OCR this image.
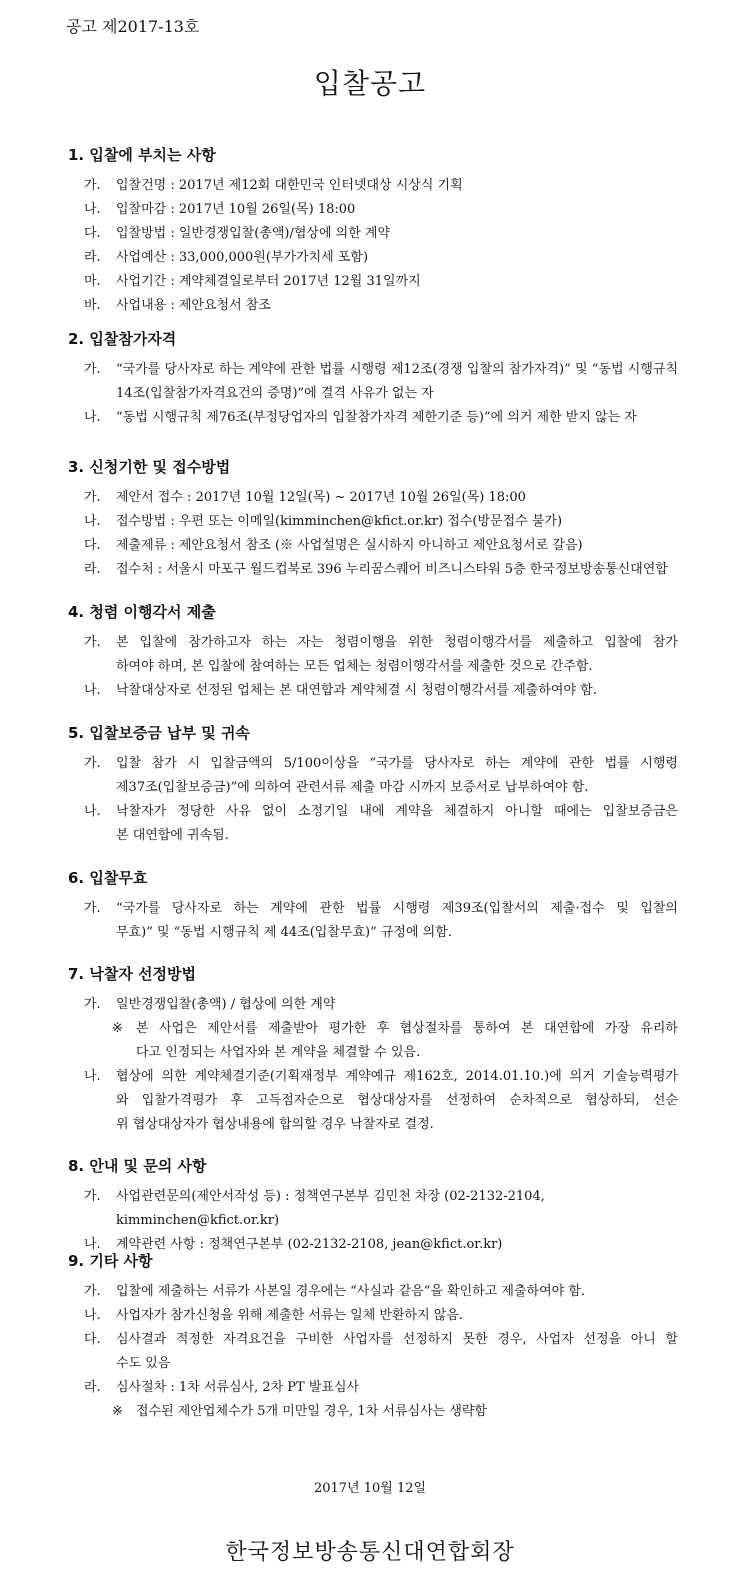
공고 제2017-13호
입찰공고
1. 입찰에 부치는 사항
가. 입찰건명 : 2017년 제12회 대한민국 인터넷대상 시상식 기획
나. 입찰마감 : 2017년 10월 26일(목) 18:00
다. 입찰방법 : 일반경쟁입찰(총액)/협상에 의한 계약
라. 사업예산 : 33,000,000원(부가가치세 포함)
마. 사업기간 : 계약체결일로부터 2017년 12월 31일까지
바. 사업내용 : 제안요청서 참조
2. 입찰참가자격
가. “국가를 당사자로 하는 계약에 관한 법률 시행령 제12조(경쟁 입찰의 참가자격)” 및 “동법 시행규칙
14조(입찰참가자격요건의 증명)”에 결격 사유가 없는 자
나. “동법 시행규칙 제76조(부정당업자의 입찰참가자격 제한기준 등)”에 의거 제한 받지 않는 자
3. 신청기한 및 접수방법
가. 제안서 접수 : 2017년 10월 12일(목) ~ 2017년 10월 26일(목) 18:00
나. 접수방법 : 우편 또는 이메일(kimminchen@kfict.or.kr) 접수(방문접수 불가)
다. 제출제류 : 제안요청서 참조 (※ 사업설명은 실시하지 아니하고 제안요청서로 갈음)
라. 접수처 : 서울시 마포구 월드컵북로 396 누리꿈스퀘어 비즈니스타워 5층 한국정보방송통신대연합
4. 청렴 이행각서 제출
가. 본 입찰에 참가하고자 하는 자는 청렴이행을 위한 청렴이행각서를 제출하고 입찰에 참가
하여야 하며, 본 입찰에 참여하는 모든 업체는 청렴이행각서를 제출한 것으로 간주함.
나. 낙찰대상자로 선정된 업체는 본 대연합과 계약체결 시 청렴이행각서를 제출하여야 함.
5. 입찰보증금 납부 및 귀속
가. 입찰 참가 시 입찰금액의 5/100이상을 “국가를 당사자로 하는 계약에 관한 법률 시행령
제37조(입찰보증금)”에 의하여 관련서류 제출 마감 시까지 보증서로 납부하여야 함.
나. 낙찰자가 정당한 사유 없이 소정기일 내에 계약을 체결하지 아니할 때에는 입찰보증금은
본 대연합에 귀속됨.
6. 입찰무효
가. “국가를 당사자로 하는 계약에 관한 법률 시행령 제39조(입찰서의 제출·접수 및 입찰의
무효)” 및 “동법 시행규칙 제 44조(입찰무효)” 규정에 의함.
7. 낙찰자 선정방법
가. 일반경쟁입찰(총액) / 협상에 의한 계약
※ 본 사업은 제안서를 제출받아 평가한 후 협상절차를 통하여 본 대연합에 가장 유리하
다고 인정되는 사업자와 본 계약을 체결할 수 있음.
나. 협상에 의한 계약체결기준(기획재정부 계약예규 제162호, 2014.01.10.)에 의거 기술능력평가
와 입찰가격평가 후 고득점자순으로 협상대상자를 선정하여 순차적으로 협상하되, 선순
위 협상대상자가 협상내용에 합의할 경우 낙찰자로 결정.
8. 안내 및 문의 사항
가. 사업관련문의(제안서작성 등) : 정책연구본부 김민천 차장 (02-2132-2104, kimminchen@kfict.or.kr)
나. 계약관련 사항 : 정책연구본부 (02-2132-2108, jean@kfict.or.kr)
9. 기타 사항
가. 입찰에 제출하는 서류가 사본일 경우에는 “사실과 같음”을 확인하고 제출하여야 함.
나. 사업자가 참가신청을 위해 제출한 서류는 일체 반환하지 않음.
다. 심사결과 적정한 자격요건을 구비한 사업자를 선정하지 못한 경우, 사업자 선정을 아니 할
수도 있음
라. 심사절차 : 1차 서류심사, 2차 PT 발표심사
※ 접수된 제안업체수가 5개 미만일 경우, 1차 서류심사는 생략함
2017년 10월 12일
한국정보방송통신대연합회장
